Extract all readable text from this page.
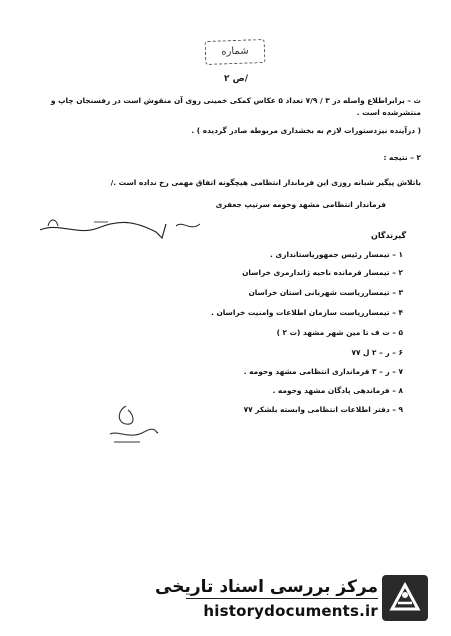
شماره
ص ۲/
ث – برابراطلاع واصله در ۳ / ۷/۹ تعداد ۵ عکاس کمکی خمینی روی آن منقوش است در رفسنجان چاپ و
منتشرشده است .
( درآینده نیزدستورات لازم به بخشداری مربوطه صادر گردیده ) .
۲ – نتیجه :
باتلاش پیگیر شبانه روزی این فرماندار انتظامی هیچگونه اتفاق مهمی رخ نداده است ./
فرماندار انتظامی مشهد وحومه سرتیپ جعفری
گیرندگان
۱ – تیمسار رئیس جمهوریاستانداری .
۲ – تیمسار فرمانده ناحیه ژاندارمری خراسان
۳ – تیمسارریاست شهربانی استان خراسان
۴ – تیمسارریاست سازمان اطلاعات وامنیت خراسان .
۵ – ت ف تا مین شهر مشهد (ت ۲ )
۶ – ر – ۲ ل ۷۷
۷ – ر – ۳ فرمانداری انتظامی مشهد وحومه .
۸ – فرماندهی پادگان مشهد وحومه .
۹ – دفتر اطلاعات انتظامی وابسته بلشکر ۷۷
مرکز بررسی اسناد تاریخی
historydocuments.ir
